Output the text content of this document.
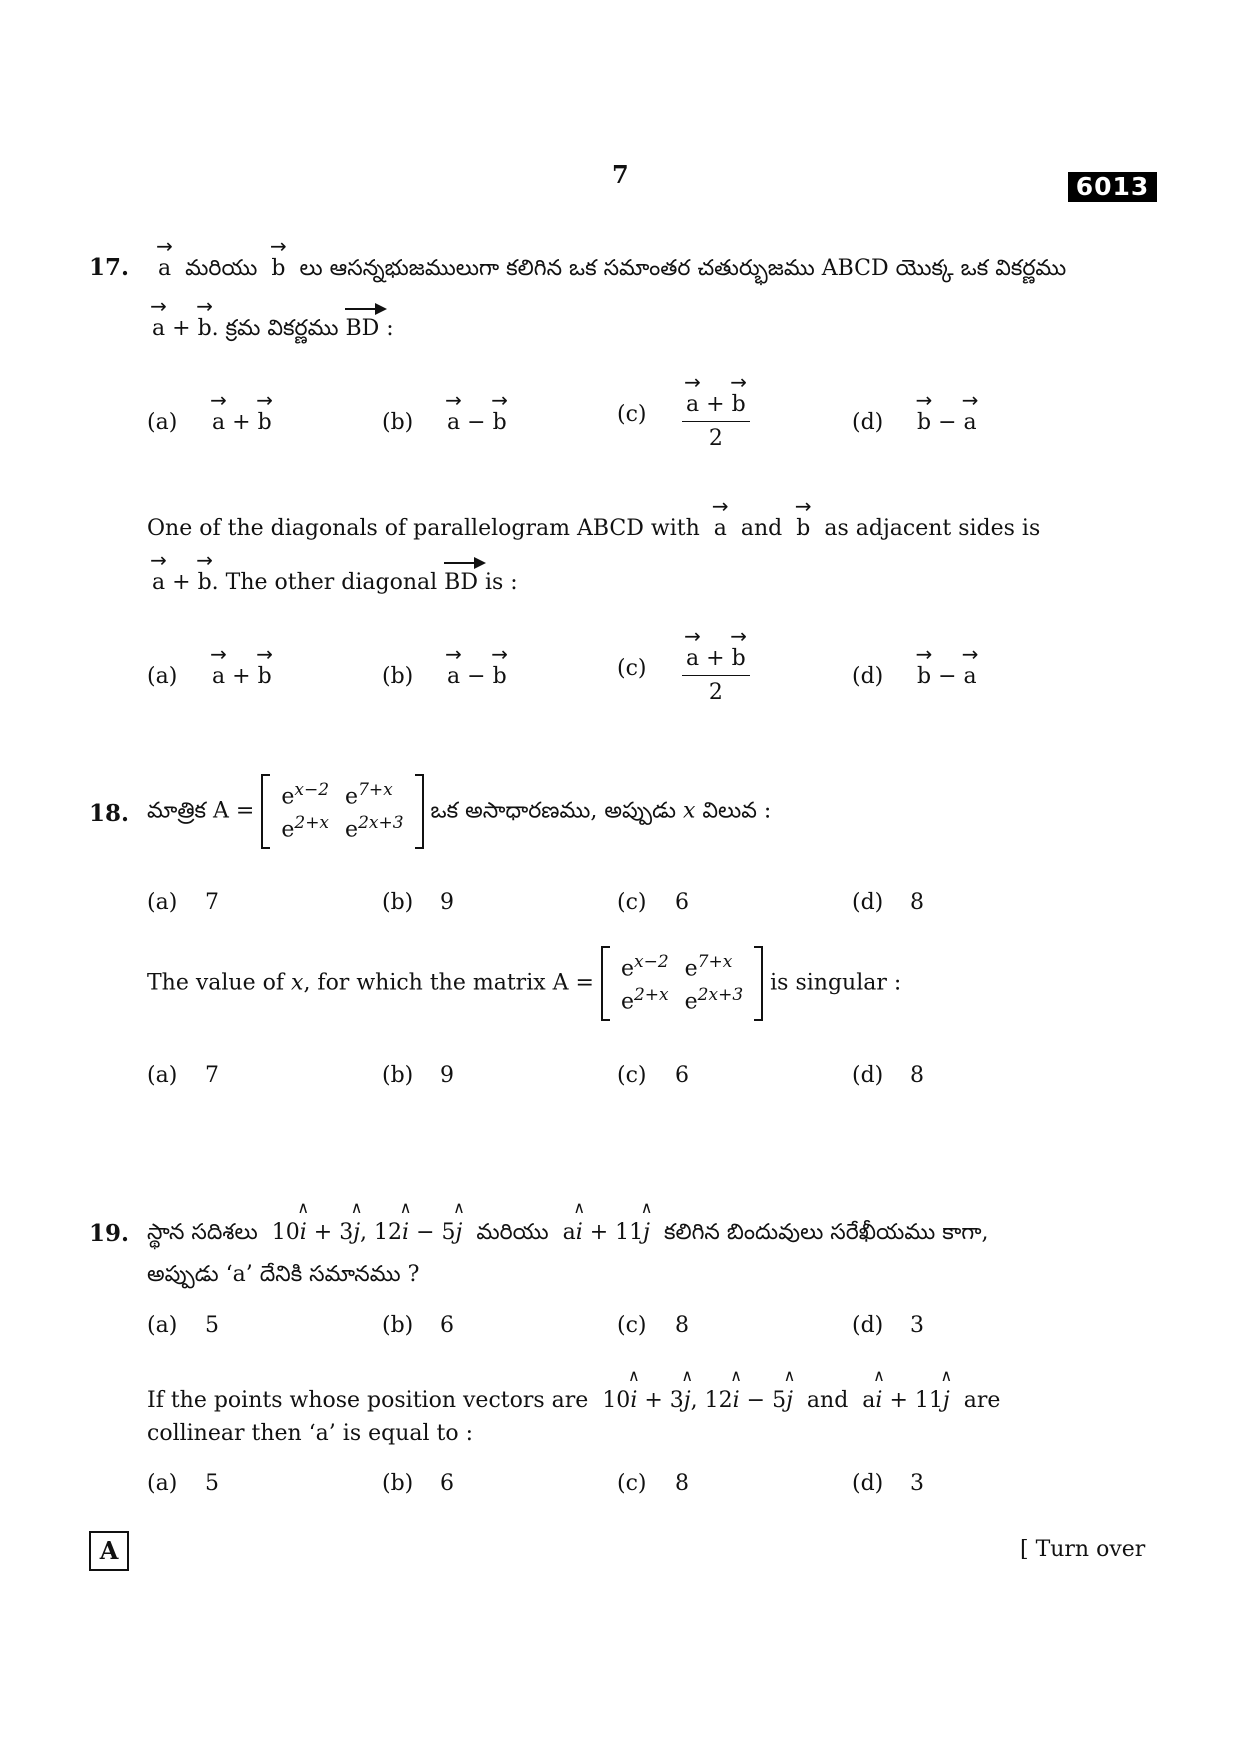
7	6013
17. → a మరియు → b లు ఆసన్నభుజములుగా కలిగిన ఒక సమాంతర చతుర్భుజము ABCD యొక్క ఒక వికర్ణము
→ a + → b. క్రమ వికర్ణము BD :
(a) → a + → b	(b) → a − → b	$(c) \to \frac{a + \to b}{2}$	(d) → b − → a
One of the diagonals of parallelogram ABCD with → a and → b as adjacent sides is
→ a + → b. The other diagonal BD is :
(a) → a + → b	(b) → a − → b	$(c) \to \frac{a + \to b}{2}$	(d) → b − → a
18. మాత్రిక A =
$e^{x-2}$	$e^{7+x}$
$e^{2+x}$	$e^{2x+3}$ ఒక అసాధారణము, అప్పుడు x విలువ :
(a) 7	(b) 9	(c) 6	(d) 8
The value of x, for which the matrix A =
$e^{x-2}$	$e^{7+x}$
$e^{2+x}$	$e^{2x+3}$ is singular :
(a) 7	(b) 9	(c) 6	(d) 8
19. స్థాన సదిశలు 10∧ i + 3∧ j, 12∧ i − 5∧ j మరియు a∧ i + 11∧ j కలిగిన బిందువులు సరేఖీయము కాగా,
అప్పుడు ‘a’ దేనికి సమానము ?
(a) 5	(b) 6	(c) 8	(d) 3
If the points whose position vectors are 10∧ i + 3∧ j, 12∧ i − 5∧ j and a∧ i + 11∧ j are
collinear then ‘a’ is equal to :
(a) 5	(b) 6	(c) 8	(d) 3
A	[ Turn over
